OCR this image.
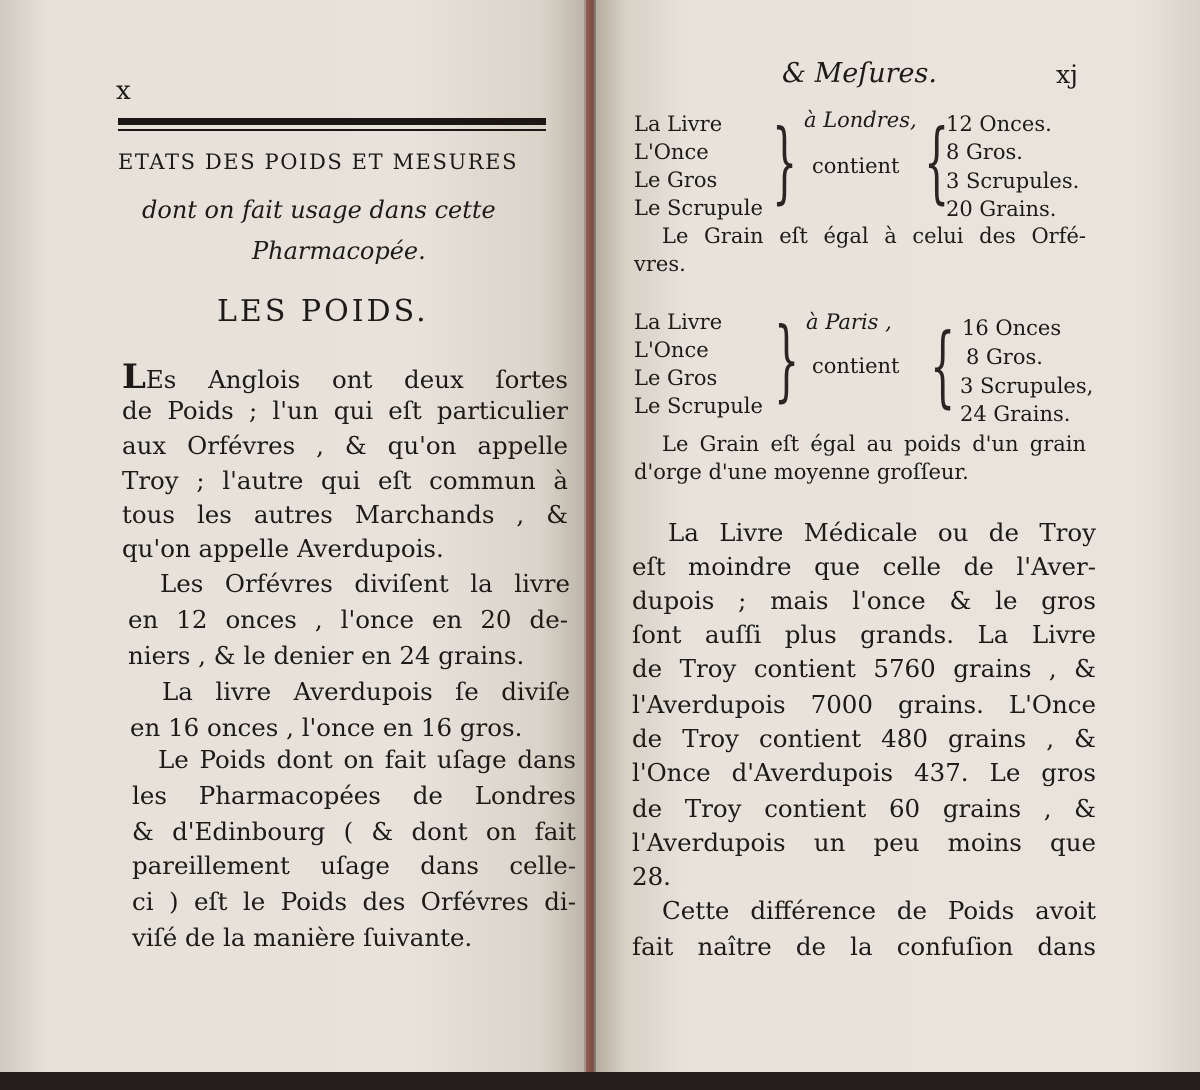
x
ETATS DES POIDS ET MESURES
dont on fait usage dans cette
Pharmacopée.
LES POIDS.
LEs Anglois ont deux ſortes
de Poids ; l'un qui eſt particulier
aux Orfévres , & qu'on appelle
Troy ; l'autre qui eſt commun à
tous les autres Marchands , &
qu'on appelle Averdupois.
Les Orfévres diviſent la livre
en 12 onces , l'once en 20 de-
niers , & le denier en 24 grains.
La livre Averdupois ſe diviſe
en 16 onces , l'once en 16 gros.
Le Poids dont on fait uſage dans
les Pharmacopées de Londres
& d'Edinbourg ( & dont on fait
pareillement uſage dans celle-
ci ) eſt le Poids des Orfévres di-
viſé de la manière ſuivante.
& Meſures.	xj
La Livre
L'Once
Le Gros
Le Scrupule } à Londres,
contient {
12 Onces.
8 Gros.
3 Scrupules.
20 Grains.
Le Grain eſt égal à celui des Orfé-
vres.
La Livre
L'Once
Le Gros
Le Scrupule } à Paris ,
contient { 16 Onces
8 Gros.
3 Scrupules,
24 Grains.
Le Grain eſt égal au poids d'un grain
d'orge d'une moyenne groſſeur.
La Livre Médicale ou de Troy
eſt moindre que celle de l'Aver-
dupois ; mais l'once & le gros
ſont auſſi plus grands. La Livre
de Troy contient 5760 grains , &
l'Averdupois 7000 grains. L'Once
de Troy contient 480 grains , &
l'Once d'Averdupois 437. Le gros
de Troy contient 60 grains , &
l'Averdupois un peu moins que
28.
Cette différence de Poids avoit
fait naître de la confuſion dans
